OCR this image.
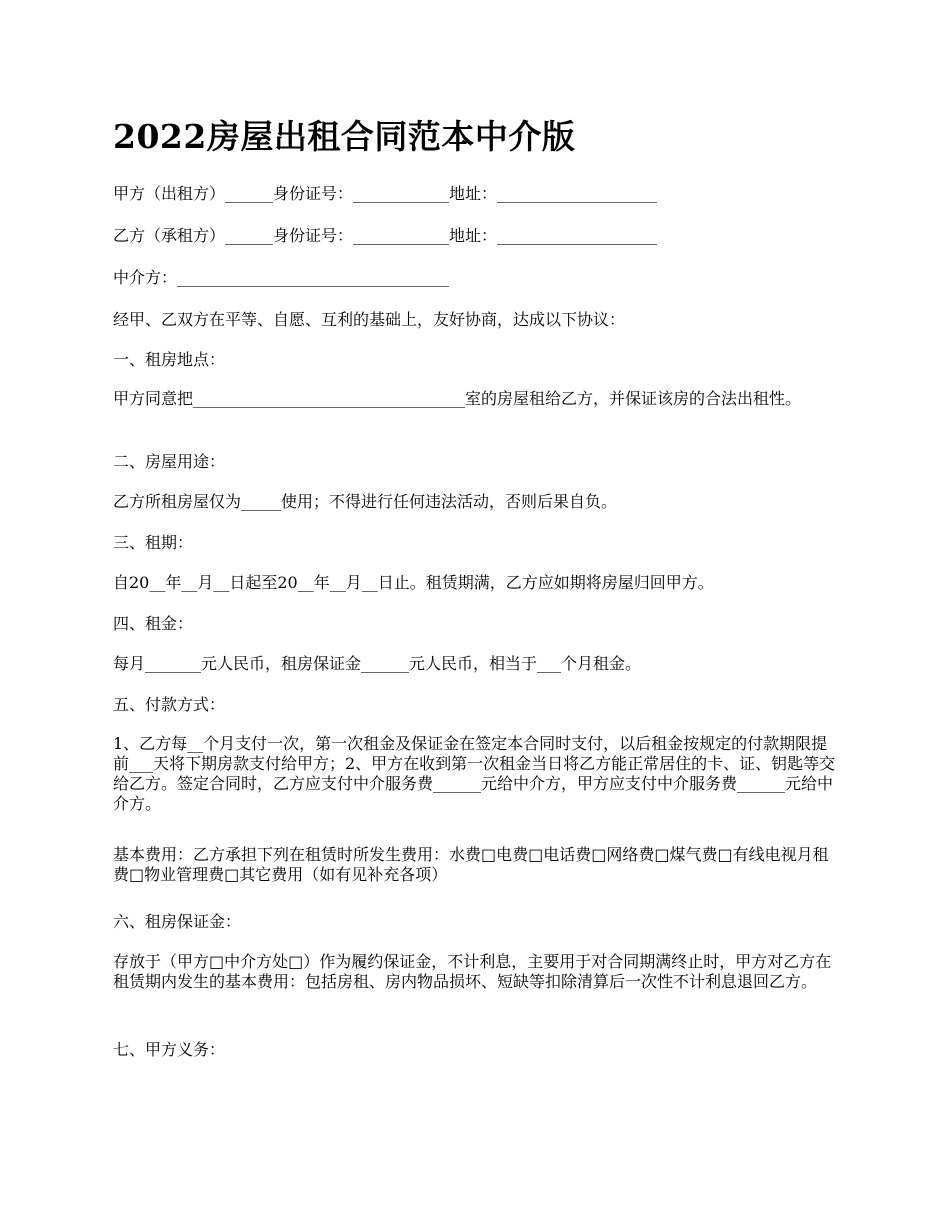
2022房屋出租合同范本中介版

甲方（出租方）______身份证号：____________地址：____________________

乙方（承租方）______身份证号：____________地址：____________________

中介方：__________________________________

经甲、乙双方在平等、自愿、互利的基础上，友好协商，达成以下协议：

一、租房地点：

甲方同意把__________________________________室的房屋租给乙方，并保证该房的合法出租性。

二、房屋用途：

乙方所租房屋仅为_____使用；不得进行任何违法活动，否则后果自负。

三、租期：

自20__年__月__日起至20__年__月__日止。租赁期满，乙方应如期将房屋归回甲方。

四、租金：

每月_______元人民币，租房保证金______元人民币，相当于___个月租金。

五、付款方式：

1、乙方每__个月支付一次，第一次租金及保证金在签定本合同时支付，以后租金按规定的付款期限提前___天将下期房款支付给甲方；2、甲方在收到第一次租金当日将乙方能正常居住的卡、证、钥匙等交给乙方。签定合同时，乙方应支付中介服务费______元给中介方，甲方应支付中介服务费______元给中介方。

基本费用：乙方承担下列在租赁时所发生费用：水费□电费□电话费□网络费□煤气费□有线电视月租费□物业管理费□其它费用（如有见补充各项）

六、租房保证金：

存放于（甲方□中介方处□）作为履约保证金，不计利息，主要用于对合同期满终止时，甲方对乙方在租赁期内发生的基本费用：包括房租、房内物品损坏、短缺等扣除清算后一次性不计利息退回乙方。

七、甲方义务：
